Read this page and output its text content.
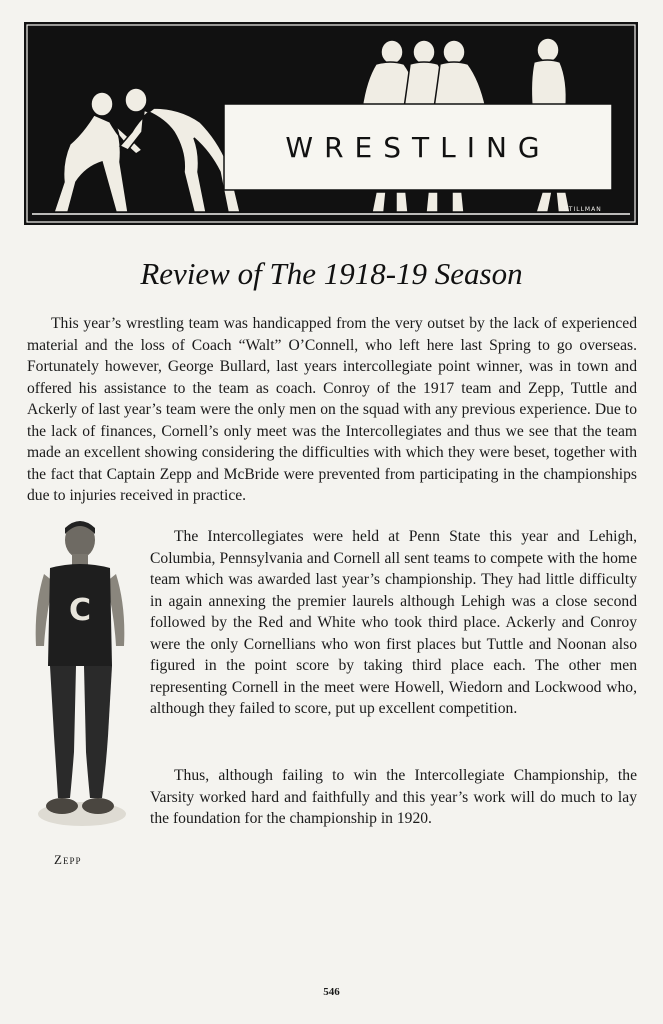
WRESTLING
STILLMAN
Review of The 1918-19 Season

This year’s wrestling team was handicapped from the very outset by the lack of experienced material and the loss of Coach “Walt” O’Connell, who left here last Spring to go overseas. Fortunately however, George Bullard, last years intercollegiate point winner, was in town and offered his assistance to the team as coach. Conroy of the 1917 team and Zepp, Tuttle and Ackerly of last year’s team were the only men on the squad with any previous experience. Due to the lack of finances, Cornell’s only meet was the Intercollegiates and thus we see that the team made an excellent showing considering the difficulties with which they were beset, together with the fact that Captain Zepp and McBride were prevented from participating in the championships due to injuries received in practice.

C
Zepp

The Intercollegiates were held at Penn State this year and Lehigh, Columbia, Pennsylvania and Cornell all sent teams to compete with the home team which was awarded last year’s championship. They had little difficulty in again annexing the premier laurels although Lehigh was a close second followed by the Red and White who took third place. Ackerly and Conroy were the only Cornellians who won first places but Tuttle and Noonan also figured in the point score by taking third place each. The other men representing Cornell in the meet were Howell, Wiedorn and Lockwood who, although they failed to score, put up excellent competition.

Thus, although failing to win the Intercollegiate Championship, the Varsity worked hard and faithfully and this year’s work will do much to lay the foundation for the championship in 1920.

546
